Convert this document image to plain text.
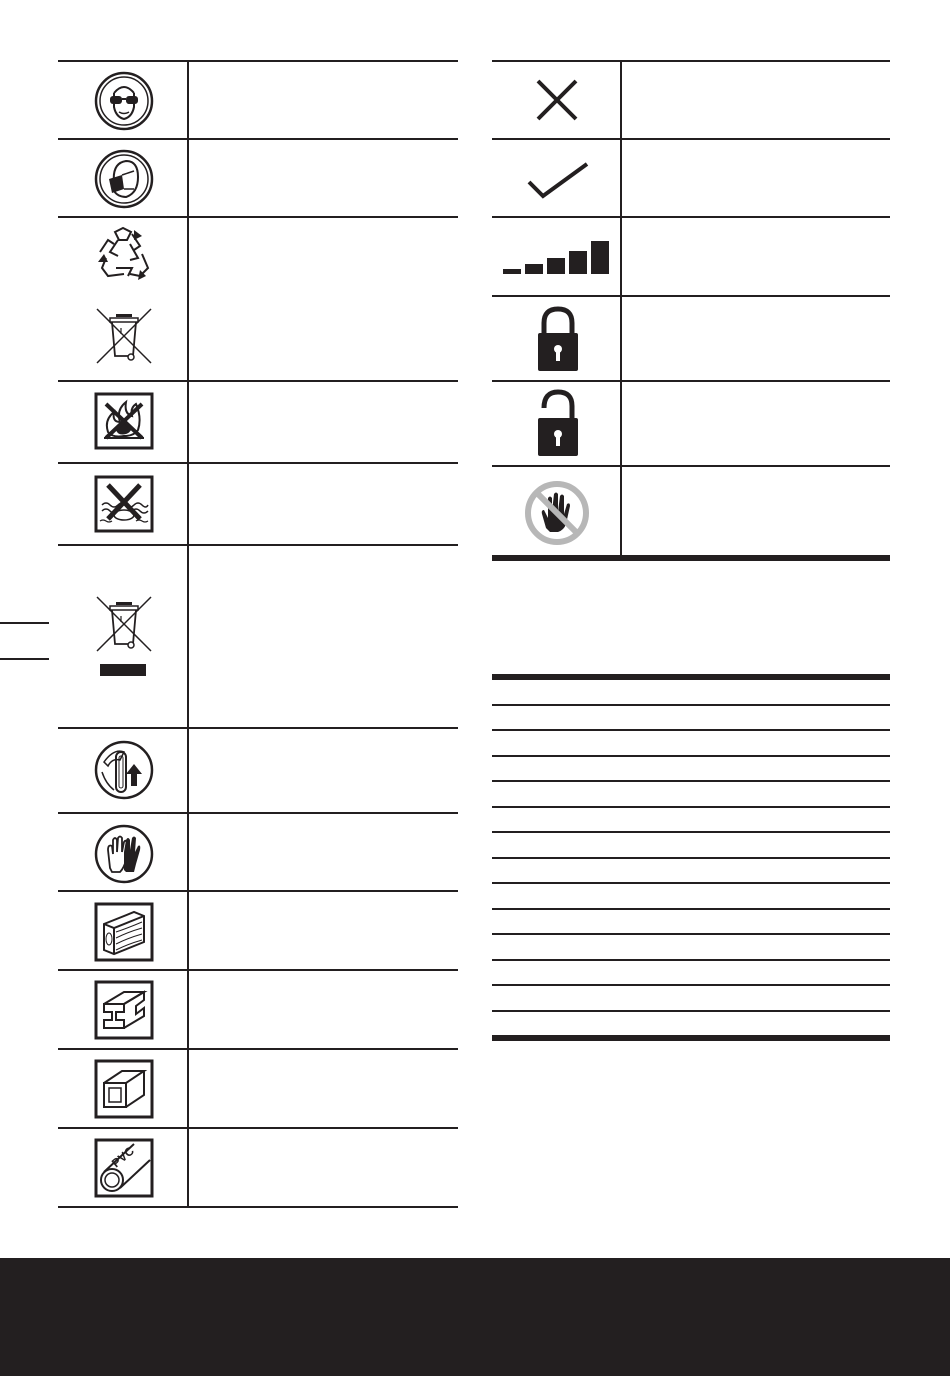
PVC
